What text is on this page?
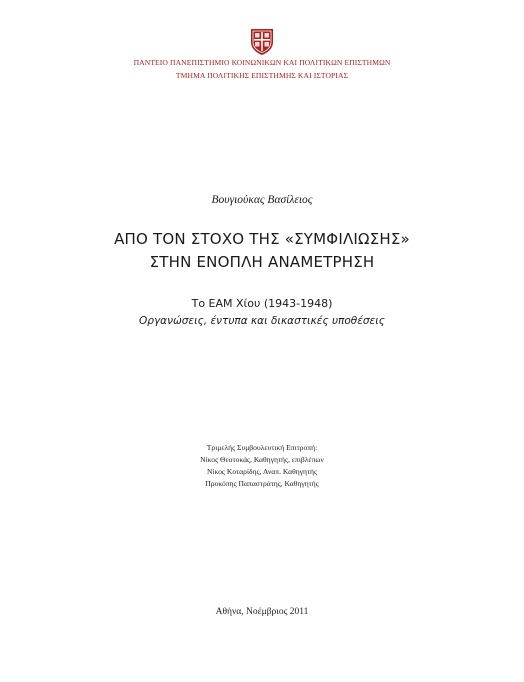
ΠΑΝΤΕΙΟ ΠΑΝΕΠΙΣΤΗΜΙΟ ΚΟΙΝΩΝΙΚΩΝ ΚΑΙ ΠΟΛΙΤΙΚΩΝ ΕΠΙΣΤΗΜΩΝ
ΤΜΗΜΑ ΠΟΛΙΤΙΚΗΣ ΕΠΙΣΤΗΜΗΣ ΚΑΙ ΙΣΤΟΡΙΑΣ
Βουγιούκας Βασίλειος
ΑΠΟ ΤΟΝ ΣΤΟΧΟ ΤΗΣ «ΣΥΜΦΙΛΙΩΣΗΣ»
ΣΤΗΝ ΕΝΟΠΛΗ ΑΝΑΜΕΤΡΗΣΗ
Το ΕΑΜ Χίου (1943-1948)
Οργανώσεις, έντυπα και δικαστικές υποθέσεις
Τριμελής Συμβουλευτική Επιτροπή:
Νίκος Θεοτοκάς, Καθηγητής, επιβλέπων
Νίκος Κοταρίδης, Αναπ. Καθηγητής
Προκόπης Παπαστράτης, Καθηγητής
Αθήνα, Νοέμβριος 2011
